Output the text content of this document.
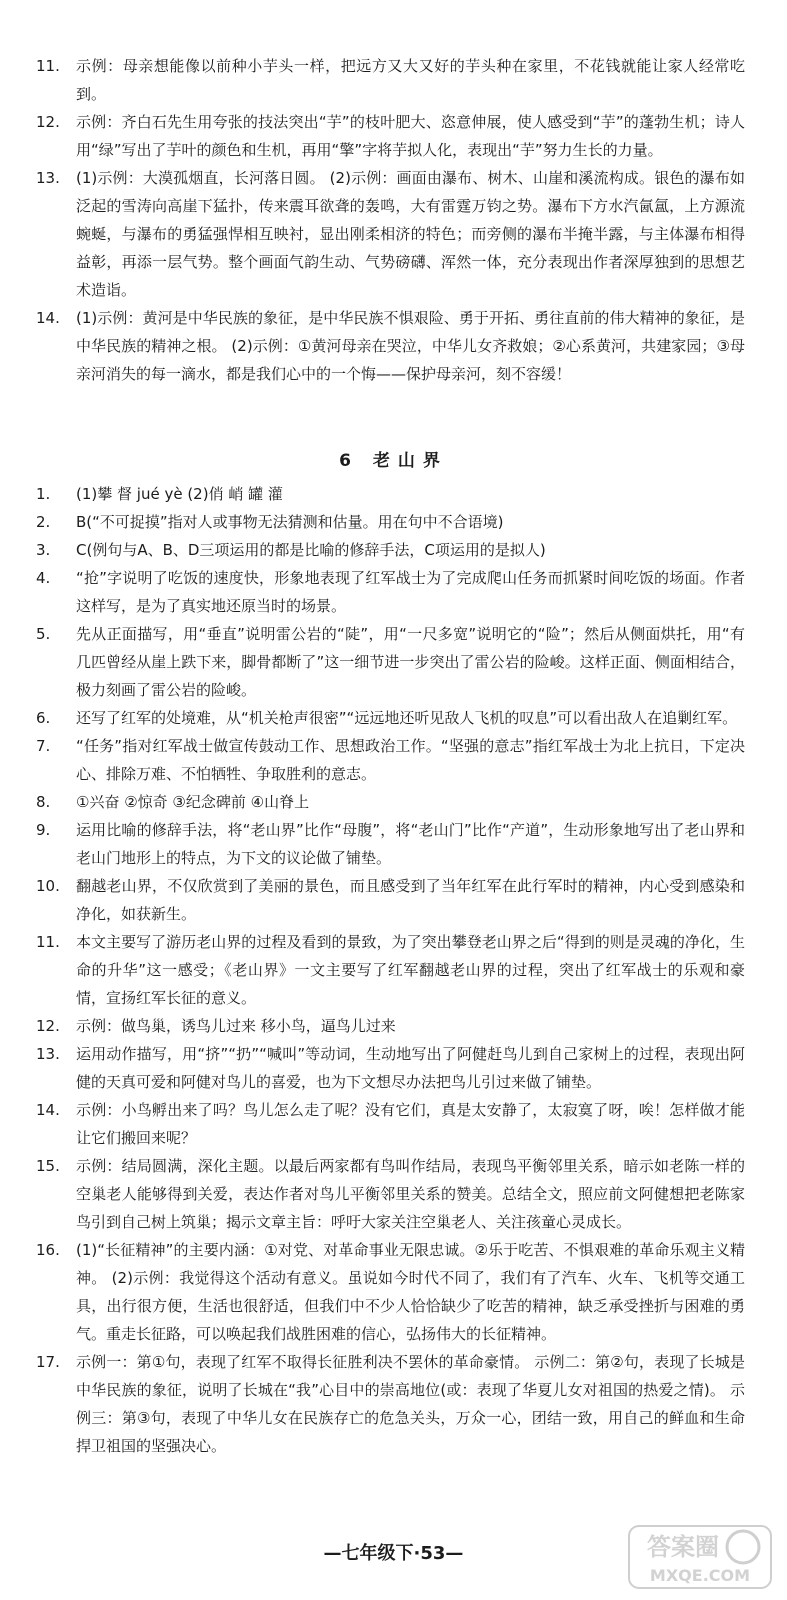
11. 示例：母亲想能像以前种小芋头一样，把远方又大又好的芋头种在家里，不花钱就能让家人经常吃到。
12. 示例：齐白石先生用夸张的技法突出“芋”的枝叶肥大、恣意伸展，使人感受到“芋”的蓬勃生机；诗人用“绿”写出了芋叶的颜色和生机，再用“擎”字将芋拟人化，表现出“芋”努力生长的力量。
13. (1)示例：大漠孤烟直，长河落日圆。 (2)示例：画面由瀑布、树木、山崖和溪流构成。银色的瀑布如泛起的雪涛向高崖下猛扑，传来震耳欲聋的轰鸣，大有雷霆万钧之势。瀑布下方水汽氤氲，上方源流蜿蜒，与瀑布的勇猛强悍相互映衬，显出刚柔相济的特色；而旁侧的瀑布半掩半露，与主体瀑布相得益彰，再添一层气势。整个画面气韵生动、气势磅礴、浑然一体，充分表现出作者深厚独到的思想艺术造诣。
14. (1)示例：黄河是中华民族的象征，是中华民族不惧艰险、勇于开拓、勇往直前的伟大精神的象征，是中华民族的精神之根。 (2)示例：①黄河母亲在哭泣，中华儿女齐救娘；②心系黄河，共建家园；③母亲河消失的每一滴水，都是我们心中的一个悔——保护母亲河，刻不容缓！
6 老山界
1. (1)攀 督 jué yè (2)俏 峭 罐 灌
2. B(“不可捉摸”指对人或事物无法猜测和估量。用在句中不合语境)
3. C(例句与A、B、D三项运用的都是比喻的修辞手法，C项运用的是拟人)
4. “抢”字说明了吃饭的速度快，形象地表现了红军战士为了完成爬山任务而抓紧时间吃饭的场面。作者这样写，是为了真实地还原当时的场景。
5. 先从正面描写，用“垂直”说明雷公岩的“陡”，用“一尺多宽”说明它的“险”；然后从侧面烘托，用“有几匹曾经从崖上跌下来，脚骨都断了”这一细节进一步突出了雷公岩的险峻。这样正面、侧面相结合，极力刻画了雷公岩的险峻。
6. 还写了红军的处境难，从“机关枪声很密”“远远地还听见敌人飞机的叹息”可以看出敌人在追剿红军。
7. “任务”指对红军战士做宣传鼓动工作、思想政治工作。“坚强的意志”指红军战士为北上抗日，下定决心、排除万难、不怕牺牲、争取胜利的意志。
8. ①兴奋 ②惊奇 ③纪念碑前 ④山脊上
9. 运用比喻的修辞手法，将“老山界”比作“母腹”，将“老山门”比作“产道”，生动形象地写出了老山界和老山门地形上的特点，为下文的议论做了铺垫。
10. 翻越老山界，不仅欣赏到了美丽的景色，而且感受到了当年红军在此行军时的精神，内心受到感染和净化，如获新生。
11. 本文主要写了游历老山界的过程及看到的景致，为了突出攀登老山界之后“得到的则是灵魂的净化，生命的升华”这一感受；《老山界》一文主要写了红军翻越老山界的过程，突出了红军战士的乐观和豪情，宣扬红军长征的意义。
12. 示例：做鸟巢，诱鸟儿过来 移小鸟，逼鸟儿过来
13. 运用动作描写，用“挤”“扔”“喊叫”等动词，生动地写出了阿健赶鸟儿到自己家树上的过程，表现出阿健的天真可爱和阿健对鸟儿的喜爱，也为下文想尽办法把鸟儿引过来做了铺垫。
14. 示例：小鸟孵出来了吗？鸟儿怎么走了呢？没有它们，真是太安静了，太寂寞了呀，唉！怎样做才能让它们搬回来呢？
15. 示例：结局圆满，深化主题。以最后两家都有鸟叫作结局，表现鸟平衡邻里关系，暗示如老陈一样的空巢老人能够得到关爱，表达作者对鸟儿平衡邻里关系的赞美。总结全文，照应前文阿健想把老陈家鸟引到自己树上筑巢；揭示文章主旨：呼吁大家关注空巢老人、关注孩童心灵成长。
16. (1)“长征精神”的主要内涵：①对党、对革命事业无限忠诚。②乐于吃苦、不惧艰难的革命乐观主义精神。 (2)示例：我觉得这个活动有意义。虽说如今时代不同了，我们有了汽车、火车、飞机等交通工具，出行很方便，生活也很舒适，但我们中不少人恰恰缺少了吃苦的精神，缺乏承受挫折与困难的勇气。重走长征路，可以唤起我们战胜困难的信心，弘扬伟大的长征精神。
17. 示例一：第①句，表现了红军不取得长征胜利决不罢休的革命豪情。 示例二：第②句，表现了长城是中华民族的象征，说明了长城在“我”心目中的崇高地位(或：表现了华夏儿女对祖国的热爱之情)。 示例三：第③句，表现了中华儿女在民族存亡的危急关头，万众一心，团结一致，用自己的鲜血和生命捍卫祖国的坚强决心。
—七年级下·53—	答案圈
MXQE.COM
